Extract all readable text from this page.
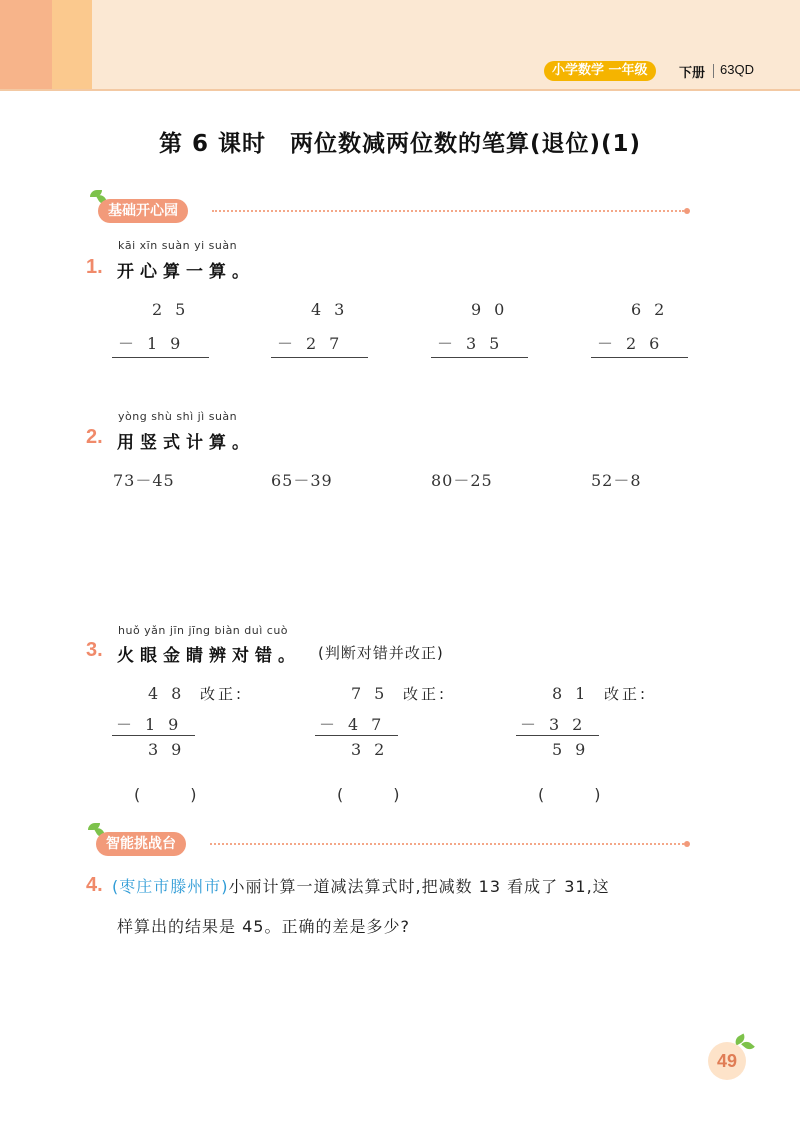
小学数学 一年级	下册 63QD
第 6 课时　两位数减两位数的笔算(退位)(1)
基础开心园
kāi xīn suàn yi suàn
1. 开心算一算。
25
－19
43
－27
90
－35
62
－26
yòng shù shì jì suàn
2. 用竖式计算。
73－45	65－39	80－25	52－8
huǒ yǎn jīn jīng biàn duì cuò
3. 火眼金睛辨对错。 (判断对错并改正)
48 改正:
－19
39
(　　)
75 改正:
－47
32
(　　)
81 改正:
－32
59
(　　)
智能挑战台
4. (枣庄市滕州市)小丽计算一道减法算式时,把减数 13 看成了 31,这
样算出的结果是 45。正确的差是多少?
49
